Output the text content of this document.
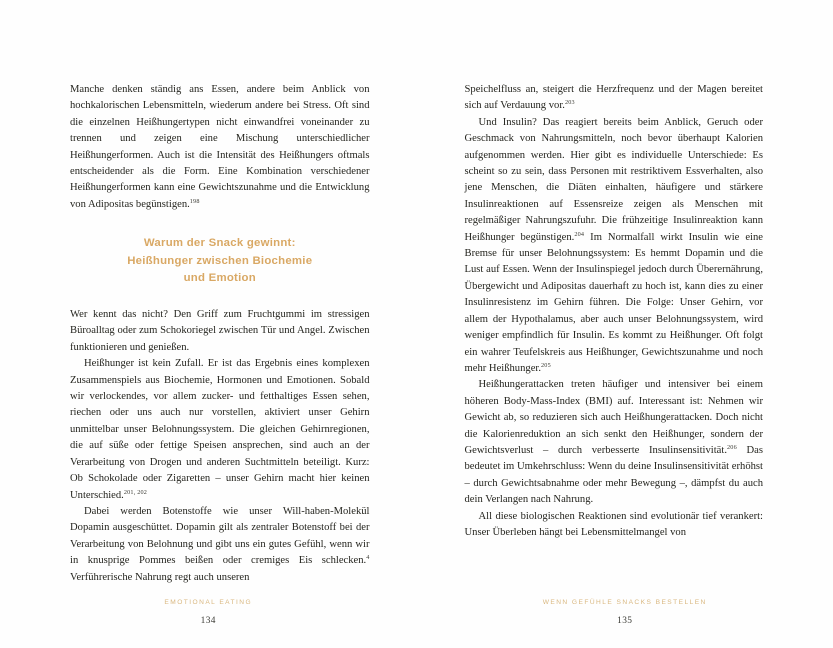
Manche denken ständig ans Essen, andere beim Anblick von hochkalorischen Lebensmitteln, wiederum andere bei Stress. Oft sind die einzelnen Heißhungertypen nicht einwandfrei voneinander zu trennen und zeigen eine Mischung unterschiedlicher Heißhungerformen. Auch ist die Intensität des Heißhungers oftmals entscheidender als die Form. Eine Kombination verschiedener Heißhungerformen kann eine Gewichtszunahme und die Entwicklung von Adipositas begünstigen.$^{198}$

Warum der Snack gewinnt:
Heißhunger zwischen Biochemie
und Emotion

Wer kennt das nicht? Den Griff zum Fruchtgummi im stressigen Büroalltag oder zum Schokoriegel zwischen Tür und Angel. Zwischen funktionieren und genießen.

Heißhunger ist kein Zufall. Er ist das Ergebnis eines komplexen Zusammenspiels aus Biochemie, Hormonen und Emotionen. Sobald wir verlockendes, vor allem zucker- und fetthaltiges Essen sehen, riechen oder uns auch nur vorstellen, aktiviert unser Gehirn unmittelbar unser Belohnungssystem. Die gleichen Gehirnregionen, die auf süße oder fettige Speisen ansprechen, sind auch an der Verarbeitung von Drogen und anderen Suchtmitteln beteiligt. Kurz: Ob Schokolade oder Zigaretten – unser Gehirn macht hier keinen Unterschied.$^{201, 202}$

Dabei werden Botenstoffe wie unser Will-haben-Molekül Dopamin ausgeschüttet. Dopamin gilt als zentraler Botenstoff bei der Verarbeitung von Belohnung und gibt uns ein gutes Gefühl, wenn wir in knusprige Pommes beißen oder cremiges Eis schlecken.$^4$ Verführerische Nahrung regt auch unseren

EMOTIONAL EATING
134

Speichelfluss an, steigert die Herzfrequenz und der Magen bereitet sich auf Verdauung vor.$^{203}$

Und Insulin? Das reagiert bereits beim Anblick, Geruch oder Geschmack von Nahrungsmitteln, noch bevor überhaupt Kalorien aufgenommen werden. Hier gibt es individuelle Unterschiede: Es scheint so zu sein, dass Personen mit restriktivem Essverhalten, also jene Menschen, die Diäten einhalten, häufigere und stärkere Insulinreaktionen auf Essensreize zeigen als Menschen mit regelmäßiger Nahrungszufuhr. Die frühzeitige Insulinreaktion kann Heißhunger begünstigen.$^{204}$ Im Normalfall wirkt Insulin wie eine Bremse für unser Belohnungssystem: Es hemmt Dopamin und die Lust auf Essen. Wenn der Insulinspiegel jedoch durch Überernährung, Übergewicht und Adipositas dauerhaft zu hoch ist, kann dies zu einer Insulinresistenz im Gehirn führen. Die Folge: Unser Gehirn, vor allem der Hypothalamus, aber auch unser Belohnungssystem, wird weniger empfindlich für Insulin. Es kommt zu Heißhunger. Oft folgt ein wahrer Teufelskreis aus Heißhunger, Gewichtszunahme und noch mehr Heißhunger.$^{205}$

Heißhungerattacken treten häufiger und intensiver bei einem höheren Body-Mass-Index (BMI) auf. Interessant ist: Nehmen wir Gewicht ab, so reduzieren sich auch Heißhungerattacken. Doch nicht die Kalorienreduktion an sich senkt den Heißhunger, sondern der Gewichtsverlust – durch verbesserte Insulinsensitivität.$^{206}$ Das bedeutet im Umkehrschluss: Wenn du deine Insulinsensitivität erhöhst – durch Gewichtsabnahme oder mehr Bewegung –, dämpfst du auch dein Verlangen nach Nahrung.

All diese biologischen Reaktionen sind evolutionär tief verankert: Unser Überleben hängt bei Lebensmittelmangel von

WENN GEFÜHLE SNACKS BESTELLEN
135
